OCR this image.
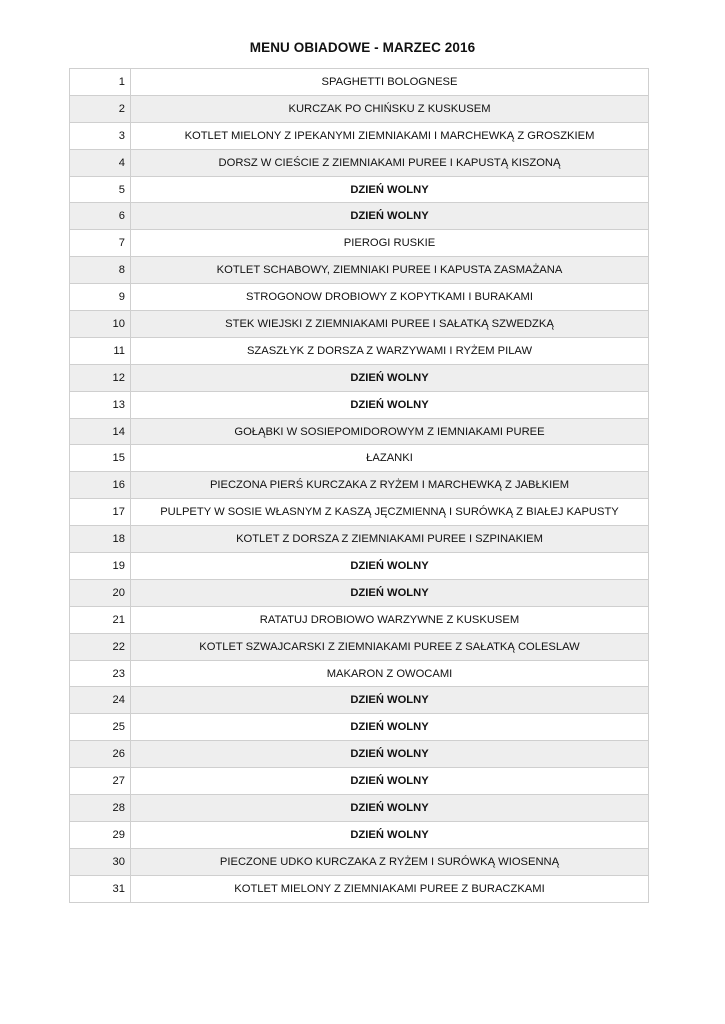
MENU OBIADOWE - MARZEC 2016
1	SPAGHETTI BOLOGNESE
2	KURCZAK PO CHIŃSKU Z KUSKUSEM
3	KOTLET MIELONY Z IPEKANYMI ZIEMNIAKAMI I MARCHEWKĄ Z GROSZKIEM
4	DORSZ W CIEŚCIE Z ZIEMNIAKAMI PUREE I KAPUSTĄ KISZONĄ
5	DZIEŃ WOLNY
6	DZIEŃ WOLNY
7	PIEROGI RUSKIE
8	KOTLET SCHABOWY, ZIEMNIAKI PUREE I KAPUSTA ZASMAŻANA
9	STROGONOW DROBIOWY Z KOPYTKAMI I BURAKAMI
10	STEK WIEJSKI Z ZIEMNIAKAMI PUREE I SAŁATKĄ SZWEDZKĄ
11	SZASZŁYK Z DORSZA Z WARZYWAMI I RYŻEM PILAW
12	DZIEŃ WOLNY
13	DZIEŃ WOLNY
14	GOŁĄBKI W SOSIEPOMIDOROWYM Z IEMNIAKAMI PUREE
15	ŁAZANKI
16	PIECZONA PIERŚ KURCZAKA Z RYŻEM I MARCHEWKĄ Z JABŁKIEM
17	PULPETY W SOSIE WŁASNYM Z KASZĄ JĘCZMIENNĄ I SURÓWKĄ Z BIAŁEJ KAPUSTY
18	KOTLET Z DORSZA Z ZIEMNIAKAMI PUREE I SZPINAKIEM
19	DZIEŃ WOLNY
20	DZIEŃ WOLNY
21	RATATUJ DROBIOWO WARZYWNE Z KUSKUSEM
22	KOTLET SZWAJCARSKI Z ZIEMNIAKAMI PUREE Z SAŁATKĄ COLESLAW
23	MAKARON Z OWOCAMI
24	DZIEŃ WOLNY
25	DZIEŃ WOLNY
26	DZIEŃ WOLNY
27	DZIEŃ WOLNY
28	DZIEŃ WOLNY
29	DZIEŃ WOLNY
30	PIECZONE UDKO KURCZAKA Z RYŻEM I SURÓWKĄ WIOSENNĄ
31	KOTLET MIELONY Z ZIEMNIAKAMI PUREE Z BURACZKAMI
